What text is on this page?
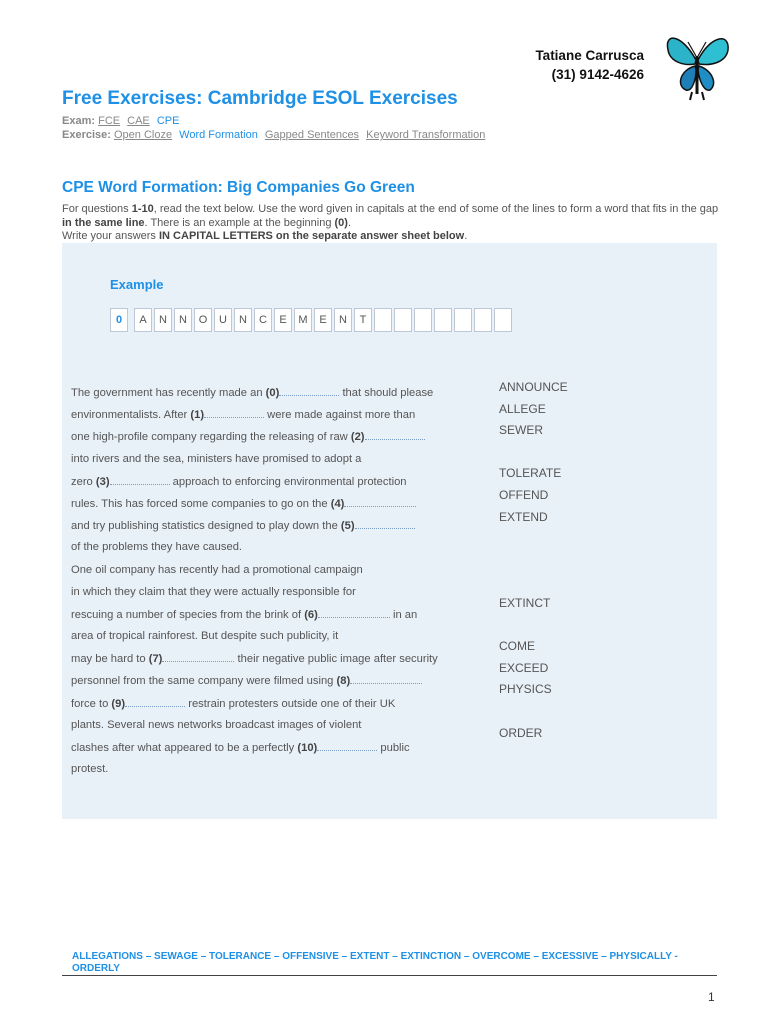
Tatiane Carrusca
(31) 9142-4626
Free Exercises: Cambridge ESOL Exercises
Exam: FCE CAE CPE
Exercise: Open Cloze Word Formation Gapped Sentences Keyword Transformation
CPE Word Formation: Big Companies Go Green
For questions 1-10, read the text below. Use the word given in capitals at the end of some of the lines to form a word that fits in the gap in the same line. There is an example at the beginning (0).
Write your answers IN CAPITAL LETTERS on the separate answer sheet below.
Example
0	A	N	N	O	U	N	C	E	M	E	N	T
The government has recently made an (0)	that should please
environmentalists. After (1)	were made against more than
one high-profile company regarding the releasing of raw (2)
into rivers and the sea, ministers have promised to adopt a
zero (3)	approach to enforcing environmental protection
rules. This has forced some companies to go on the (4)
and try publishing statistics designed to play down the (5)
of the problems they have caused.
One oil company has recently had a promotional campaign
in which they claim that they were actually responsible for
rescuing a number of species from the brink of (6)	in an
area of tropical rainforest. But despite such publicity, it
may be hard to (7)	their negative public image after security
personnel from the same company were filmed using (8)
force to (9)	restrain protesters outside one of their UK
plants. Several news networks broadcast images of violent
clashes after what appeared to be a perfectly (10)	public
protest.
ANNOUNCE
ALLEGE
SEWER
TOLERATE
OFFEND
EXTEND
EXTINCT
COME
EXCEED
PHYSICS
ORDER
ALLEGATIONS – SEWAGE – TOLERANCE – OFFENSIVE – EXTENT – EXTINCTION – OVERCOME – EXCESSIVE – PHYSICALLY - ORDERLY
1
